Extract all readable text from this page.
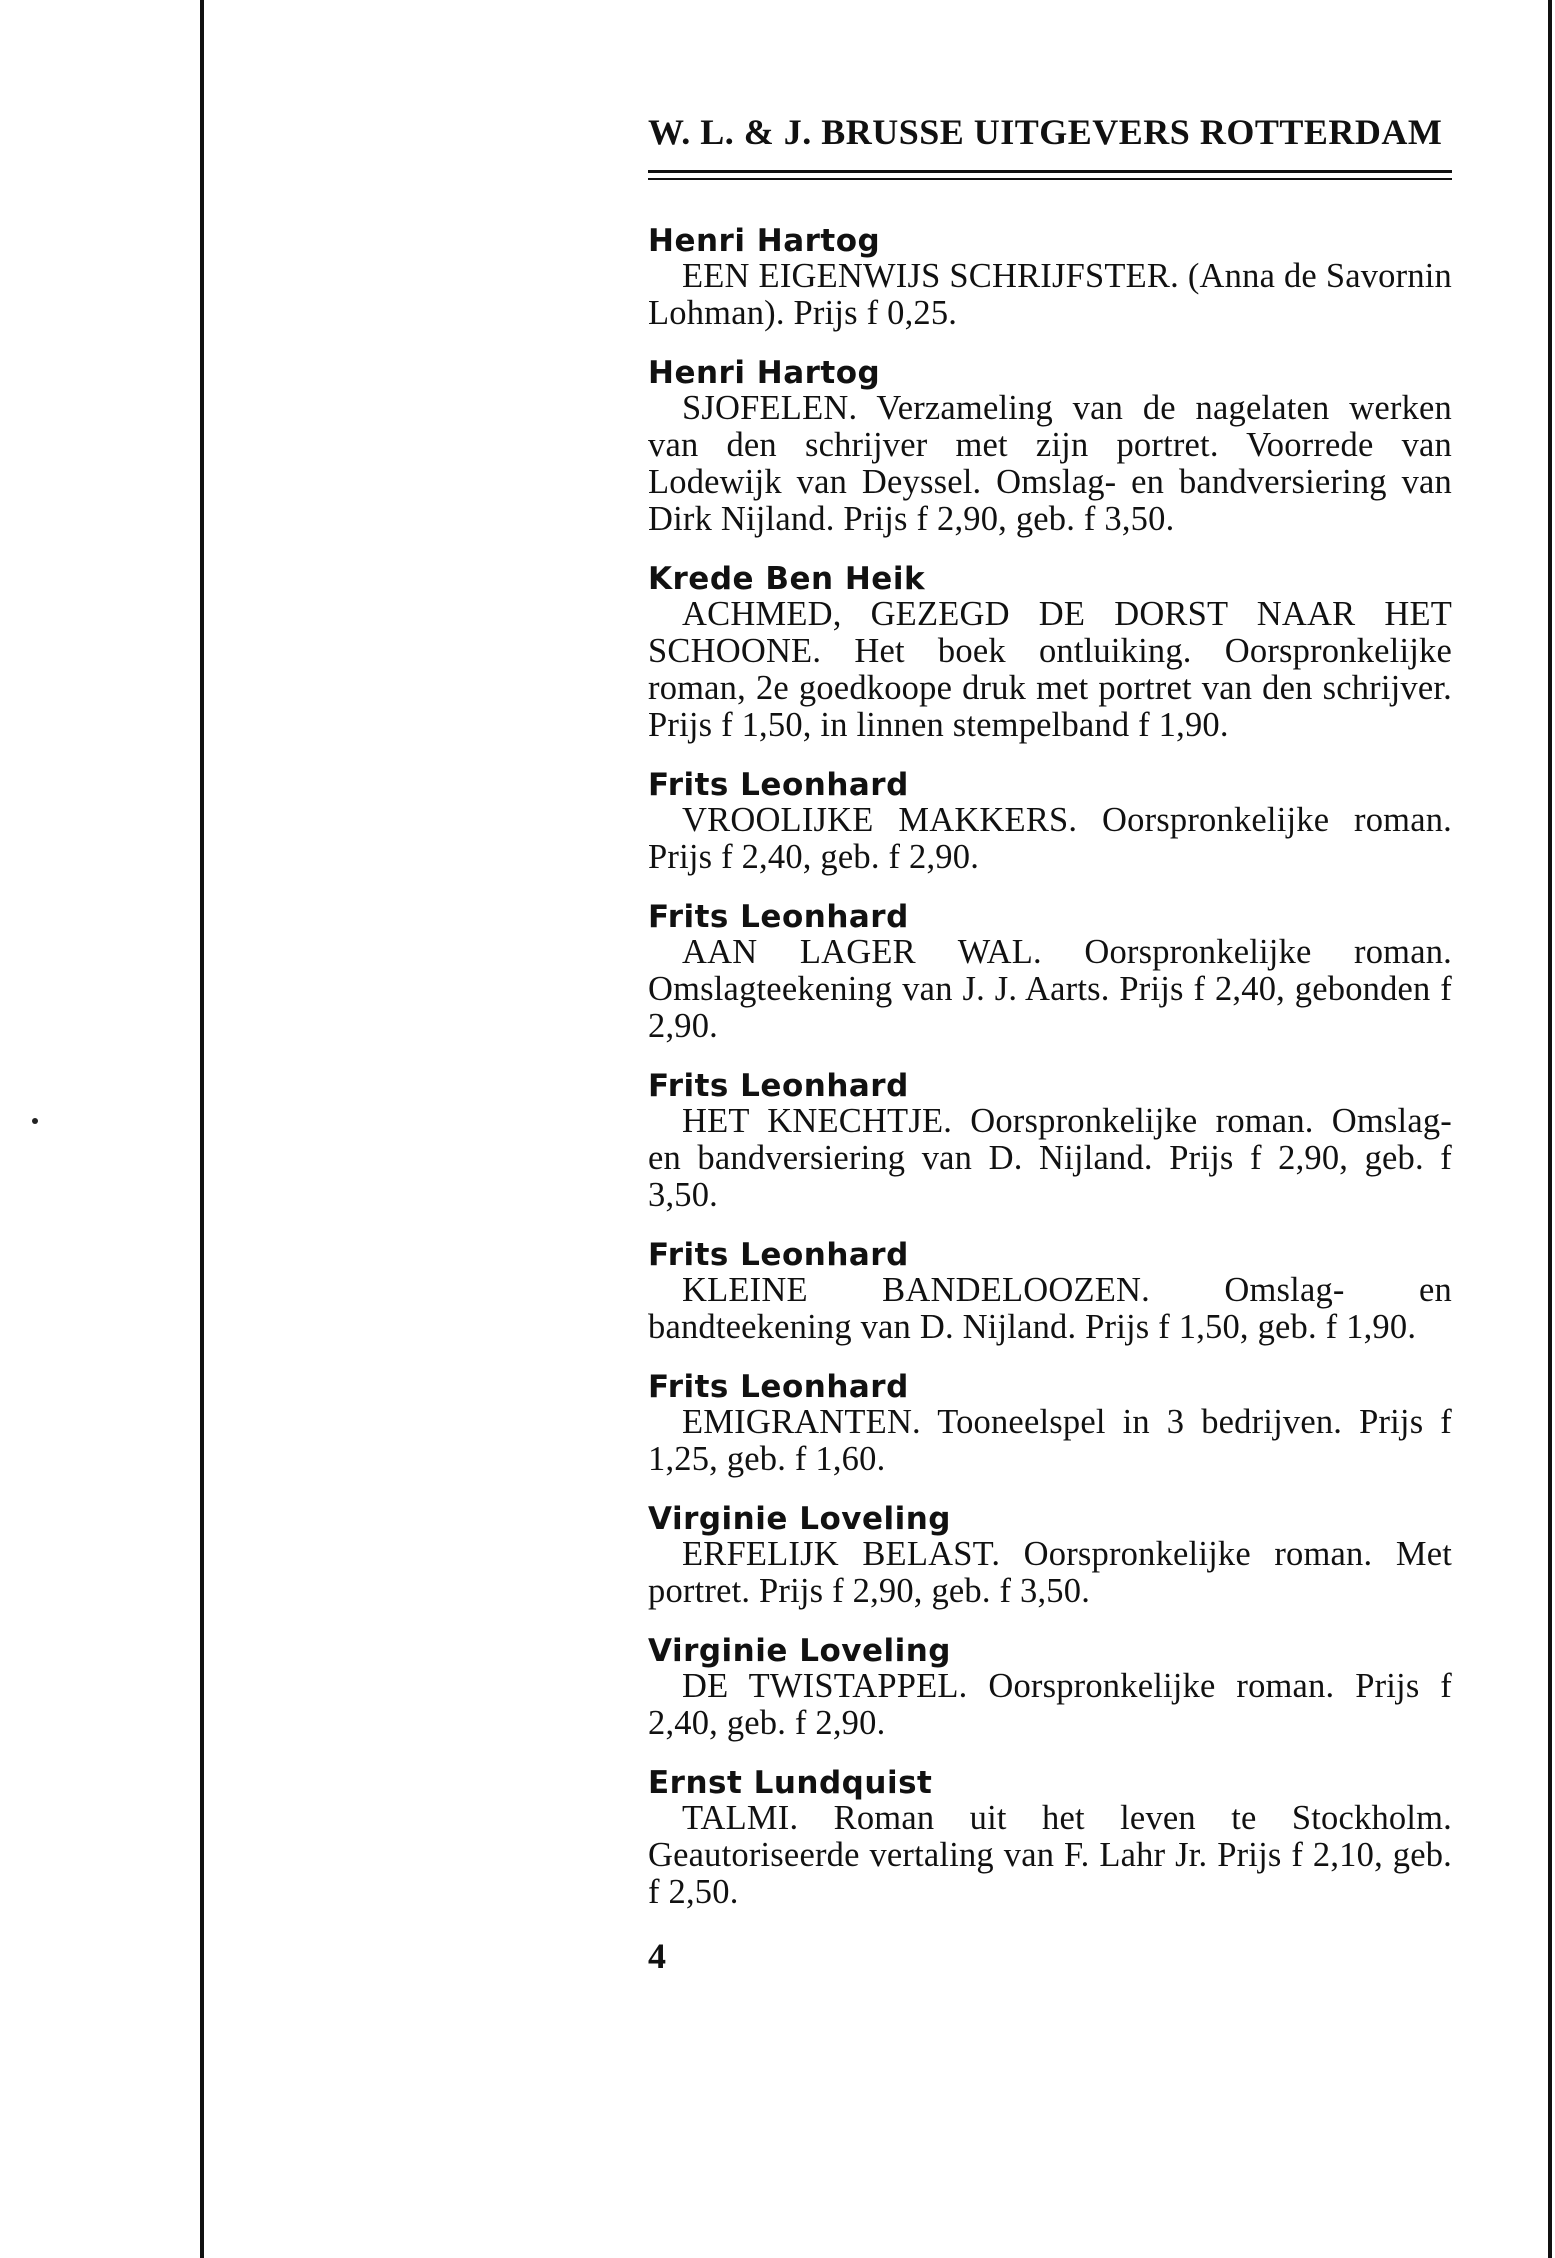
W. L. & J. BRUSSE UITGEVERS ROTTERDAM
Henri Hartog
EEN EIGENWIJS SCHRIJFSTER. (Anna de Savornin Lohman). Prijs f 0,25.
Henri Hartog
SJOFELEN. Verzameling van de nagelaten werken van den schrijver met zijn portret. Voorrede van Lodewijk van Deyssel. Omslag- en bandversiering van Dirk Nijland. Prijs f 2,90, geb. f 3,50.
Krede Ben Heik
ACHMED, GEZEGD DE DORST NAAR HET SCHOONE. Het boek ontluiking. Oorspronkelijke roman, 2e goedkoope druk met portret van den schrijver. Prijs f 1,50, in linnen stempelband f 1,90.
Frits Leonhard
VROOLIJKE MAKKERS. Oorspronkelijke roman. Prijs f 2,40, geb. f 2,90.
Frits Leonhard
AAN LAGER WAL. Oorspronkelijke roman. Omslagteekening van J. J. Aarts. Prijs f 2,40, gebonden f 2,90.
Frits Leonhard
HET KNECHTJE. Oorspronkelijke roman. Omslag- en bandversiering van D. Nijland. Prijs f 2,90, geb. f 3,50.
Frits Leonhard
KLEINE BANDELOOZEN. Omslag- en bandteekening van D. Nijland. Prijs f 1,50, geb. f 1,90.
Frits Leonhard
EMIGRANTEN. Tooneelspel in 3 bedrijven. Prijs f 1,25, geb. f 1,60.
Virginie Loveling
ERFELIJK BELAST. Oorspronkelijke roman. Met portret. Prijs f 2,90, geb. f 3,50.
Virginie Loveling
DE TWISTAPPEL. Oorspronkelijke roman. Prijs f 2,40, geb. f 2,90.
Ernst Lundquist
TALMI. Roman uit het leven te Stockholm. Geautoriseerde vertaling van F. Lahr Jr. Prijs f 2,10, geb. f 2,50.
4
